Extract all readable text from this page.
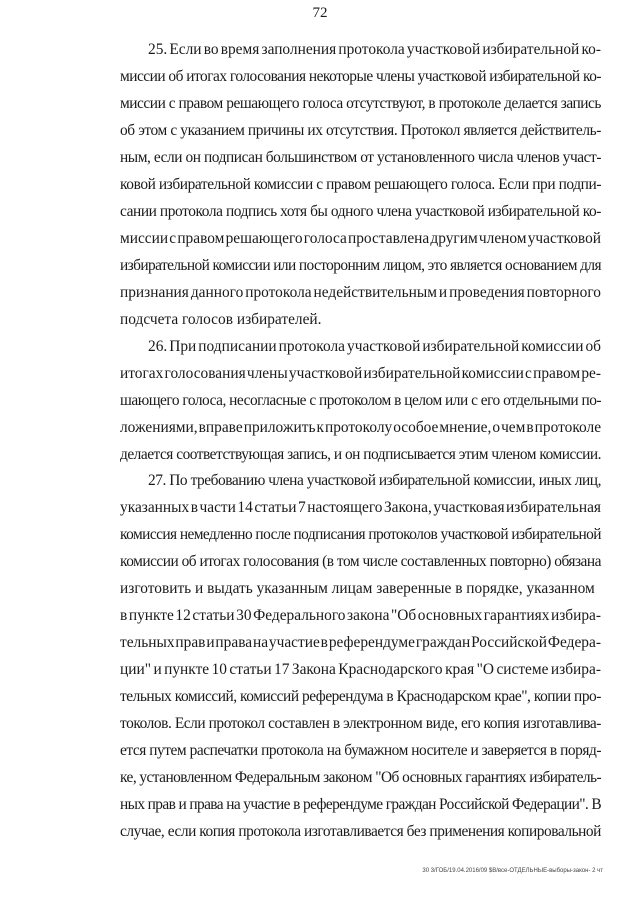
72
25. Если во время заполнения протокола участковой избирательной ко-
миссии об итогах голосования некоторые члены участковой избирательной ко-
миссии с правом решающего голоса отсутствуют, в протоколе делается запись
об этом с указанием причины их отсутствия. Протокол является действитель-
ным, если он подписан большинством от установленного числа членов участ-
ковой избирательной комиссии с правом решающего голоса. Если при подпи-
сании протокола подпись хотя бы одного члена участковой избирательной ко-
миссии с правом решающего голоса проставлена другим членом участковой
избирательной комиссии или посторонним лицом, это является основанием для
признания данного протокола недействительным и проведения повторного
подсчета голосов избирателей.
26. При подписании протокола участковой избирательной комиссии об
итогах голосования члены участковой избирательной комиссии с правом ре-
шающего голоса, несогласные с протоколом в целом или с его отдельными по-
ложениями, вправе приложить к протоколу особое мнение, о чем в протоколе
делается соответствующая запись, и он подписывается этим членом комиссии.
27. По требованию члена участковой избирательной комиссии, иных лиц,
указанных в части 14 статьи 7 настоящего Закона, участковая избирательная
комиссия немедленно после подписания протоколов участковой избирательной
комиссии об итогах голосования (в том числе составленных повторно) обязана
изготовить и выдать указанным лицам заверенные в порядке, указанном
в пункте 12 статьи 30 Федерального закона "Об основных гарантиях избира-
тельных прав и права на участие в референдуме граждан Российской Федера-
ции" и пункте 10 статьи 17 Закона Краснодарского края "О системе избира-
тельных комиссий, комиссий референдума в Краснодарском крае", копии про-
токолов. Если протокол составлен в электронном виде, его копия изготавлива-
ется путем распечатки протокола на бумажном носителе и заверяется в поряд-
ке, установленном Федеральным законом "Об основных гарантиях избиратель-
ных прав и права на участие в референдуме граждан Российской Федерации". В
случае, если копия протокола изготавливается без применения копировальной
30 3/ГОБ/19.04.2016/09 $В/все-ОТДЕЛЬНЫЕ-выборы-закон- 2 чт
